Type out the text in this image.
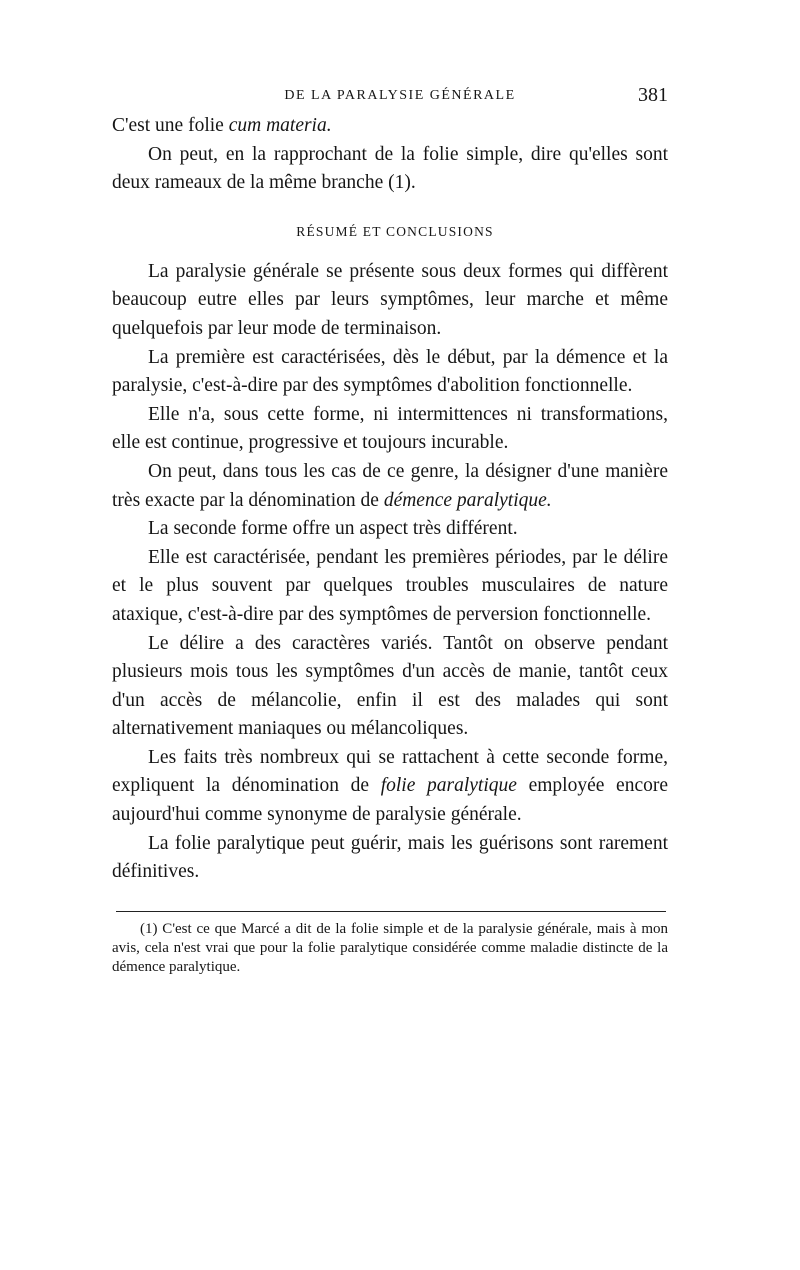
DE LA PARALYSIE GÉNÉRALE	381

C'est une folie cum materia.

On peut, en la rapprochant de la folie simple, dire qu'elles sont deux rameaux de la même branche (1).

RÉSUMÉ ET CONCLUSIONS

La paralysie générale se présente sous deux formes qui diffèrent beaucoup eutre elles par leurs symptômes, leur marche et même quelquefois par leur mode de terminaison.

La première est caractérisées, dès le début, par la démence et la paralysie, c'est-à-dire par des symptômes d'abolition fonctionnelle.

Elle n'a, sous cette forme, ni intermittences ni transformations, elle est continue, progressive et toujours incurable.

On peut, dans tous les cas de ce genre, la désigner d'une manière très exacte par la dénomination de démence paralytique.

La seconde forme offre un aspect très différent.

Elle est caractérisée, pendant les premières périodes, par le délire et le plus souvent par quelques troubles musculaires de nature ataxique, c'est-à-dire par des symptômes de perversion fonctionnelle.

Le délire a des caractères variés. Tantôt on observe pendant plusieurs mois tous les symptômes d'un accès de manie, tantôt ceux d'un accès de mélancolie, enfin il est des malades qui sont alternativement maniaques ou mélancoliques.

Les faits très nombreux qui se rattachent à cette seconde forme, expliquent la dénomination de folie paralytique employée encore aujourd'hui comme synonyme de paralysie générale.

La folie paralytique peut guérir, mais les guérisons sont rarement définitives.

(1) C'est ce que Marcé a dit de la folie simple et de la paralysie générale, mais à mon avis, cela n'est vrai que pour la folie paralytique considérée comme maladie distincte de la démence paralytique.
